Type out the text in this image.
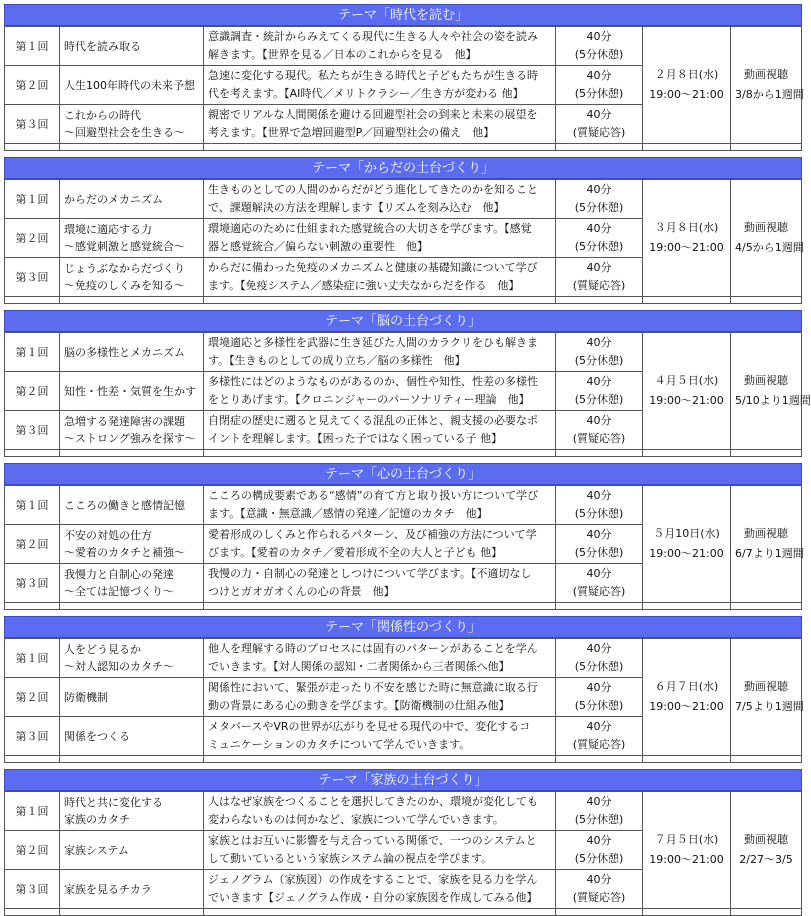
テーマ「時代を読む」
第１回	時代を読み取る	意識調査・統計からみえてくる現代に生きる人々や社会の姿を読み
解きます。【世界を見る／日本のこれからを見る　他】	40分
(5分休憩)	２月８日(水)
19:00～21:00	動画視聴
3/8から1週間

第２回	人生100年時代の未来予想	急速に変化する現代。私たちが生きる時代と子どもたちが生きる時
代を考えます。【AI時代／メリトクラシー／生き方が変わる 他】	40分
(5分休憩)		

第３回	これからの時代
～回避型社会を生きる～	親密でリアルな人間関係を避ける回避型社会の到来と未来の展望を
考えます。【世界で急増回避型P／回避型社会の備え　他】	40分
(質疑応答)		

テーマ「からだの土台づくり」
第１回	からだのメカニズム	生きものとしての人間のからだがどう進化してきたのかを知ること
で、課題解決の方法を理解します【リズムを刻み込む　他】	40分
(5分休憩)	３月８日(水)
19:00～21:00	動画視聴
4/5から1週間

第２回	環境に適応する力
～感覚刺激と感覚統合～	環境適応のために仕組まれた感覚統合の大切さを学びます。【感覚
器と感覚統合／偏らない刺激の重要性　他】	40分
(5分休憩)		

第３回	じょうぶなからだづくり
～免疫のしくみを知る～	からだに備わった免疫のメカニズムと健康の基礎知識について学び
ます。【免疫システム／感染症に強い丈夫なからだを作る　他】	40分
(質疑応答)		

テーマ「脳の土台づくり」
第１回	脳の多様性とメカニズム	環境適応と多様性を武器に生き延びた人間のカラクリをひも解きま
す。【生きものとしての成り立ち／脳の多様性　他】	40分
(5分休憩)	４月５日(水)
19:00～21:00	動画視聴
5/10より1週間

第２回	知性・性差・気質を生かす	多様性にはどのようなものがあるのか、個性や知性、性差の多様性
をとりあげます。【クロニンジャーのパーソナリティー理論　他】	40分
(5分休憩)		

第３回	急増する発達障害の課題
～ストロング強みを探す～	自閉症の歴史に遡ると見えてくる混乱の正体と、親支援の必要なポ
イントを理解します。【困った子ではなく困っている子 他】	40分
(質疑応答)		

テーマ「心の土台づくり」
第１回	こころの働きと感情記憶	こころの構成要素である“感情”の育て方と取り扱い方について学び
ます。【意識・無意識／感情の発達／記憶のカタチ　他】	40分
(5分休憩)	５月10日(水)
19:00～21:00	動画視聴
6/7より1週間

第２回	不安の対処の仕方
～愛着のカタチと補強～	愛着形成のしくみと作られるパターン、及び補強の方法について学
びます。【愛着のカタチ／愛着形成不全の大人と子ども 他】	40分
(5分休憩)		

第３回	我慢力と自制心の発達
～全ては記憶づくり～	我慢の力・自制心の発達としつけについて学びます。【不適切なし
つけとガオガオくんの心の背景　他】	40分
(質疑応答)		

テーマ「関係性のづくり」
第１回	人をどう見るか
～対人認知のカタチ～	他人を理解する時のプロセスには固有のパターンがあることを学ん
でいきます。【対人関係の認知・二者関係から三者関係へ他】	40分
(5分休憩)	６月７日(水)
19:00～21:00	動画視聴
7/5より1週間

第２回	防衛機制	関係性において、緊張が走ったり不安を感じた時に無意識に取る行
動の背景にある心の動きを学びます。【防衛機制の仕組み他】	40分
(5分休憩)		

第３回	関係をつくる	メタバースやVRの世界が広がりを見せる現代の中で、変化するコ
ミュニケーションのカタチについて学んでいきます。	40分
(質疑応答)		

テーマ「家族の土台づくり」
第１回	時代と共に変化する
家族のカタチ	人はなぜ家族をつくることを選択してきたのか、環境が変化しても
変わらないものは何かなど、家族について学んでいきます。	40分
(5分休憩)	７月５日(水)
19:00～21:00	動画視聴
2/27～3/5

第２回	家族システム	家族とはお互いに影響を与え合っている関係で、一つのシステムと
して動いているという家族システム論の視点を学びます。	40分
(5分休憩)		

第３回	家族を見るチカラ	ジェノグラム（家族図）の作成をすることで、家族を見る力を学ん
でいきます【ジェノグラム作成・自分の家族図を作成してみる他】	40分
(質疑応答)		
